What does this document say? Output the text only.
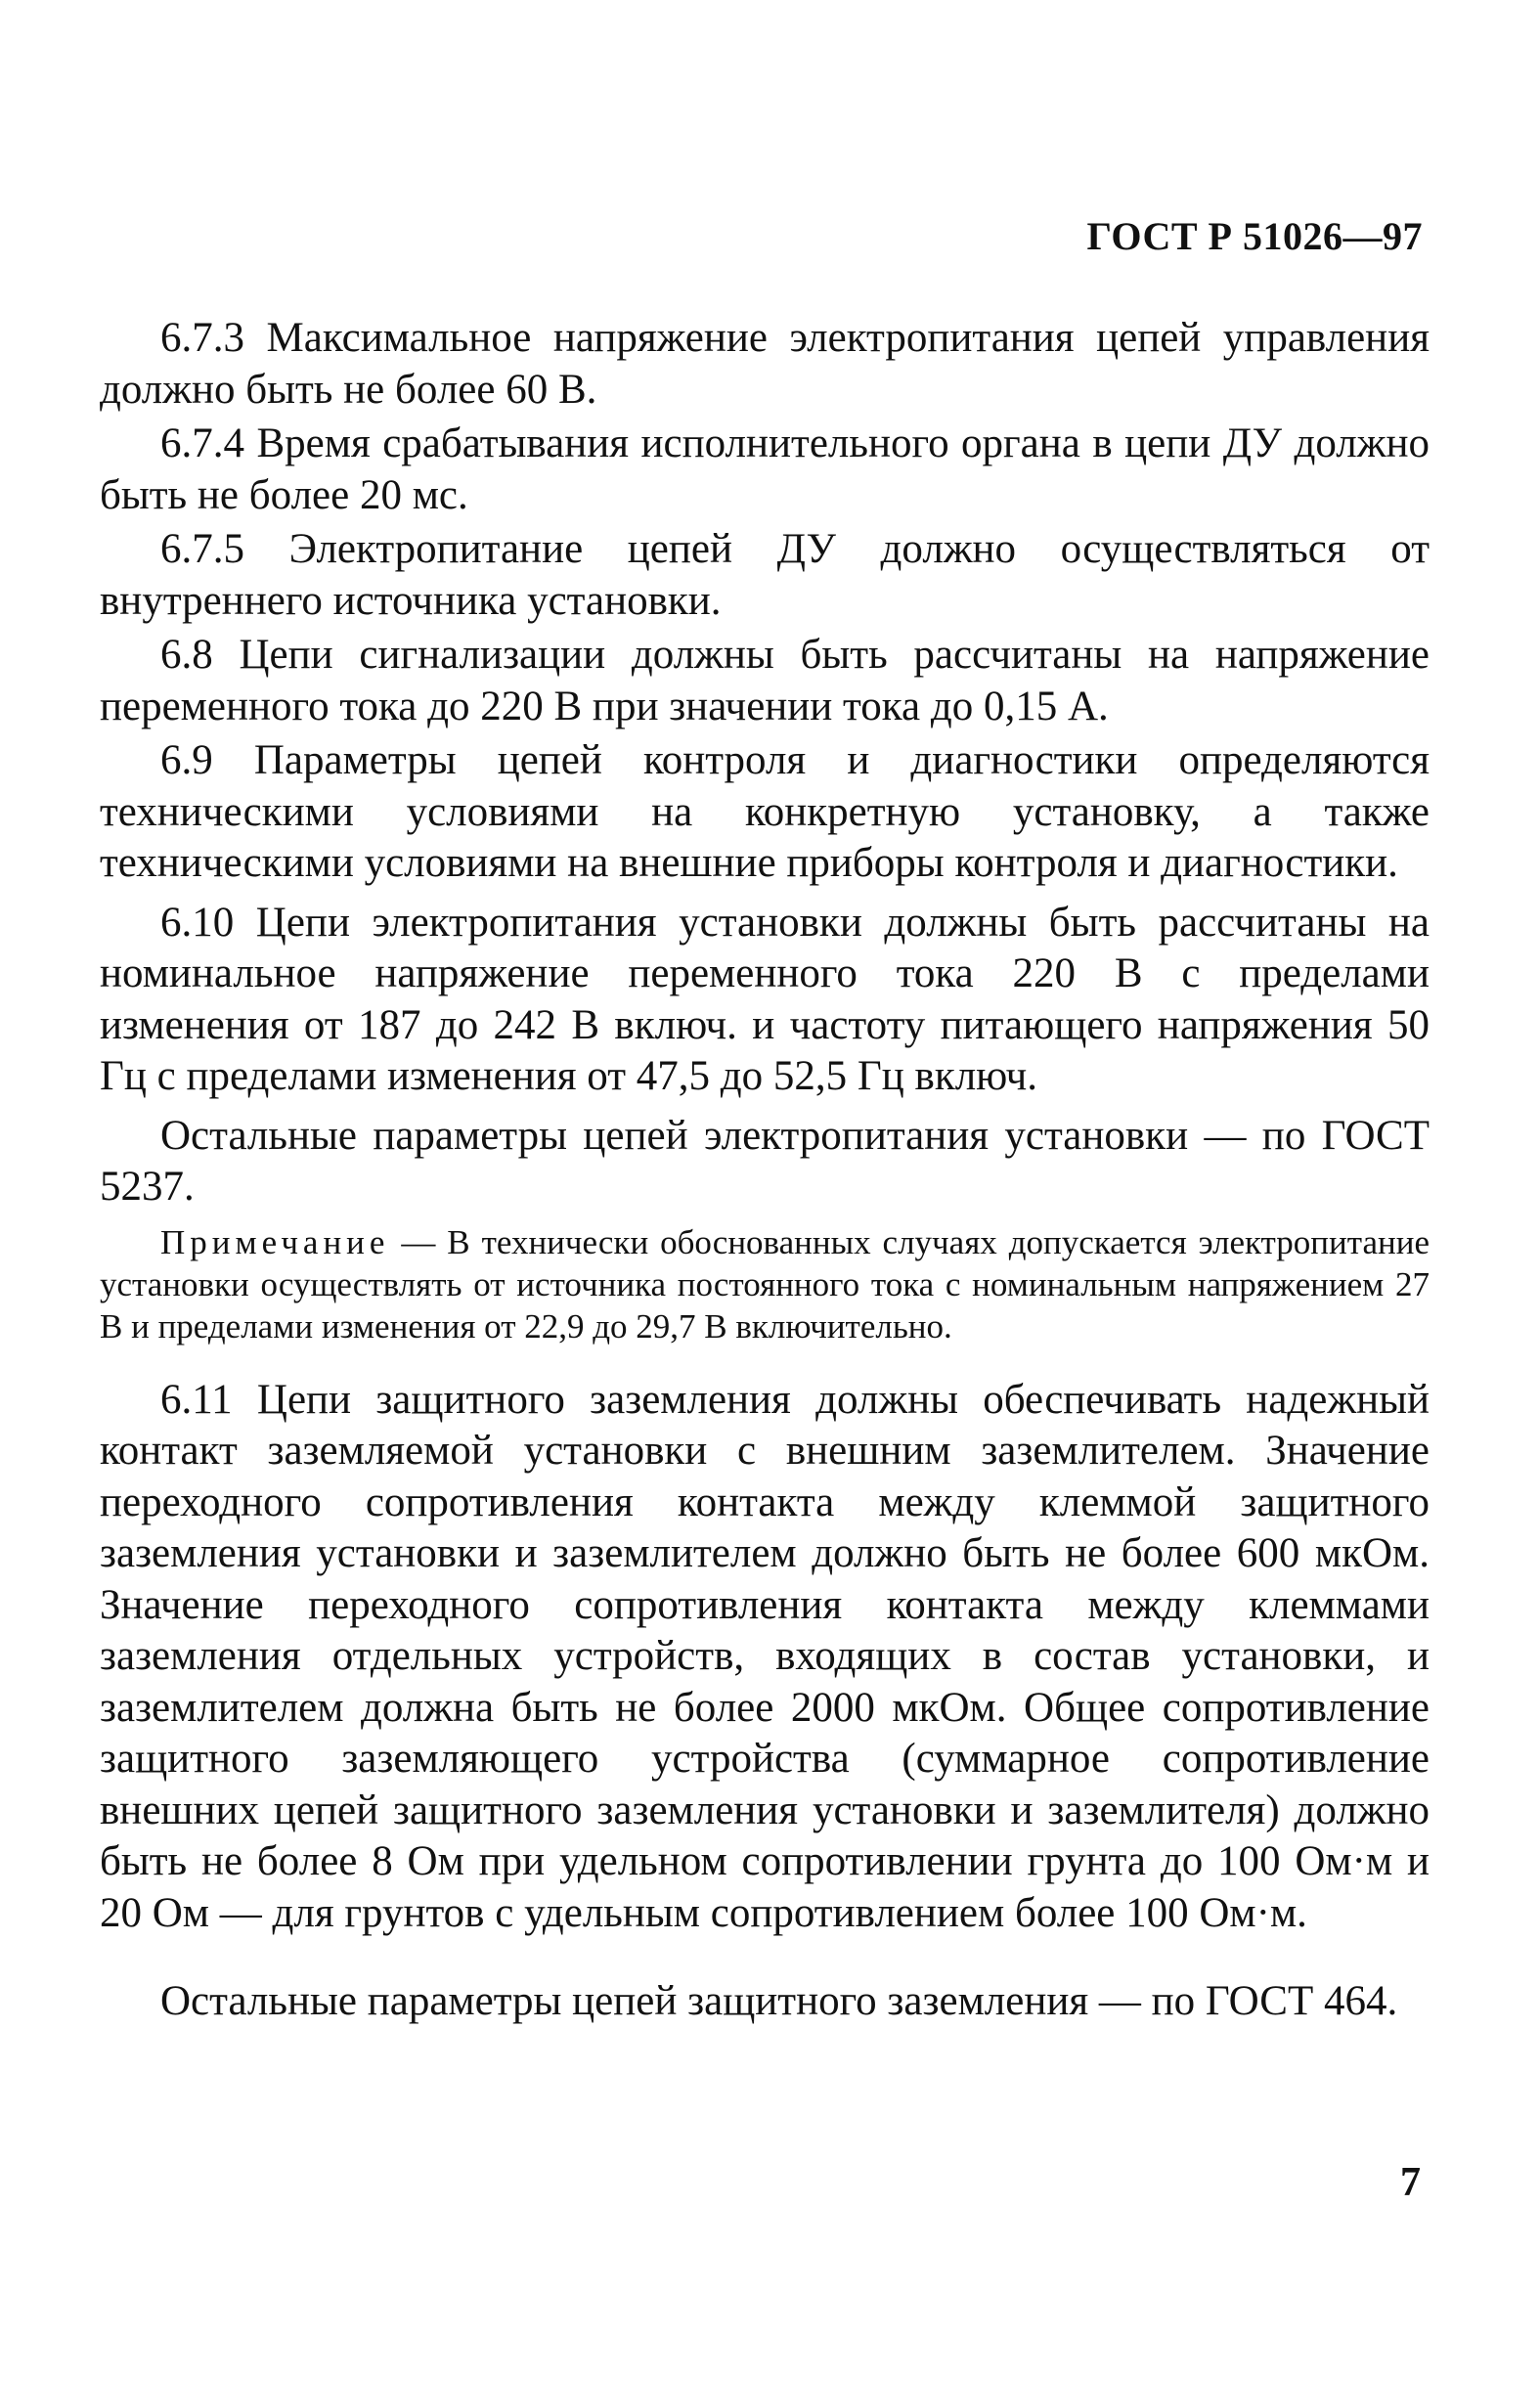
ГОСТ Р 51026—97

6.7.3 Максимальное напряжение электропитания цепей управления должно быть не более 60 В.

6.7.4 Время срабатывания исполнительного органа в цепи ДУ должно быть не более 20 мс.

6.7.5 Электропитание цепей ДУ должно осуществляться от внутреннего источника установки.

6.8 Цепи сигнализации должны быть рассчитаны на напряжение переменного тока до 220 В при значении тока до 0,15 А.

6.9 Параметры цепей контроля и диагностики определяются техническими условиями на конкретную установку, а также техническими условиями на внешние приборы контроля и диагностики.

6.10 Цепи электропитания установки должны быть рассчитаны на номинальное напряжение переменного тока 220 В с пределами изменения от 187 до 242 В включ. и частоту питающего напряжения 50 Гц с пределами изменения от 47,5 до 52,5 Гц включ.

Остальные параметры цепей электропитания установки — по ГОСТ 5237.

Примечание — В технически обоснованных случаях допускается электропитание установки осуществлять от источника постоянного тока с номинальным напряжением 27 В и пределами изменения от 22,9 до 29,7 В включительно.

6.11 Цепи защитного заземления должны обеспечивать надежный контакт заземляемой установки с внешним заземлителем. Значение переходного сопротивления контакта между клеммой защитного заземления установки и заземлителем должно быть не более 600 мкОм. Значение переходного сопротивления контакта между клеммами заземления отдельных устройств, входящих в состав установки, и заземлителем должна быть не более 2000 мкОм. Общее сопротивление защитного заземляющего устройства (суммарное сопротивление внешних цепей защитного заземления установки и заземлителя) должно быть не более 8 Ом при удельном сопротивлении грунта до 100 Ом·м и 20 Ом — для грунтов с удельным сопротивлением более 100 Ом·м.

Остальные параметры цепей защитного заземления — по ГОСТ 464.

7
